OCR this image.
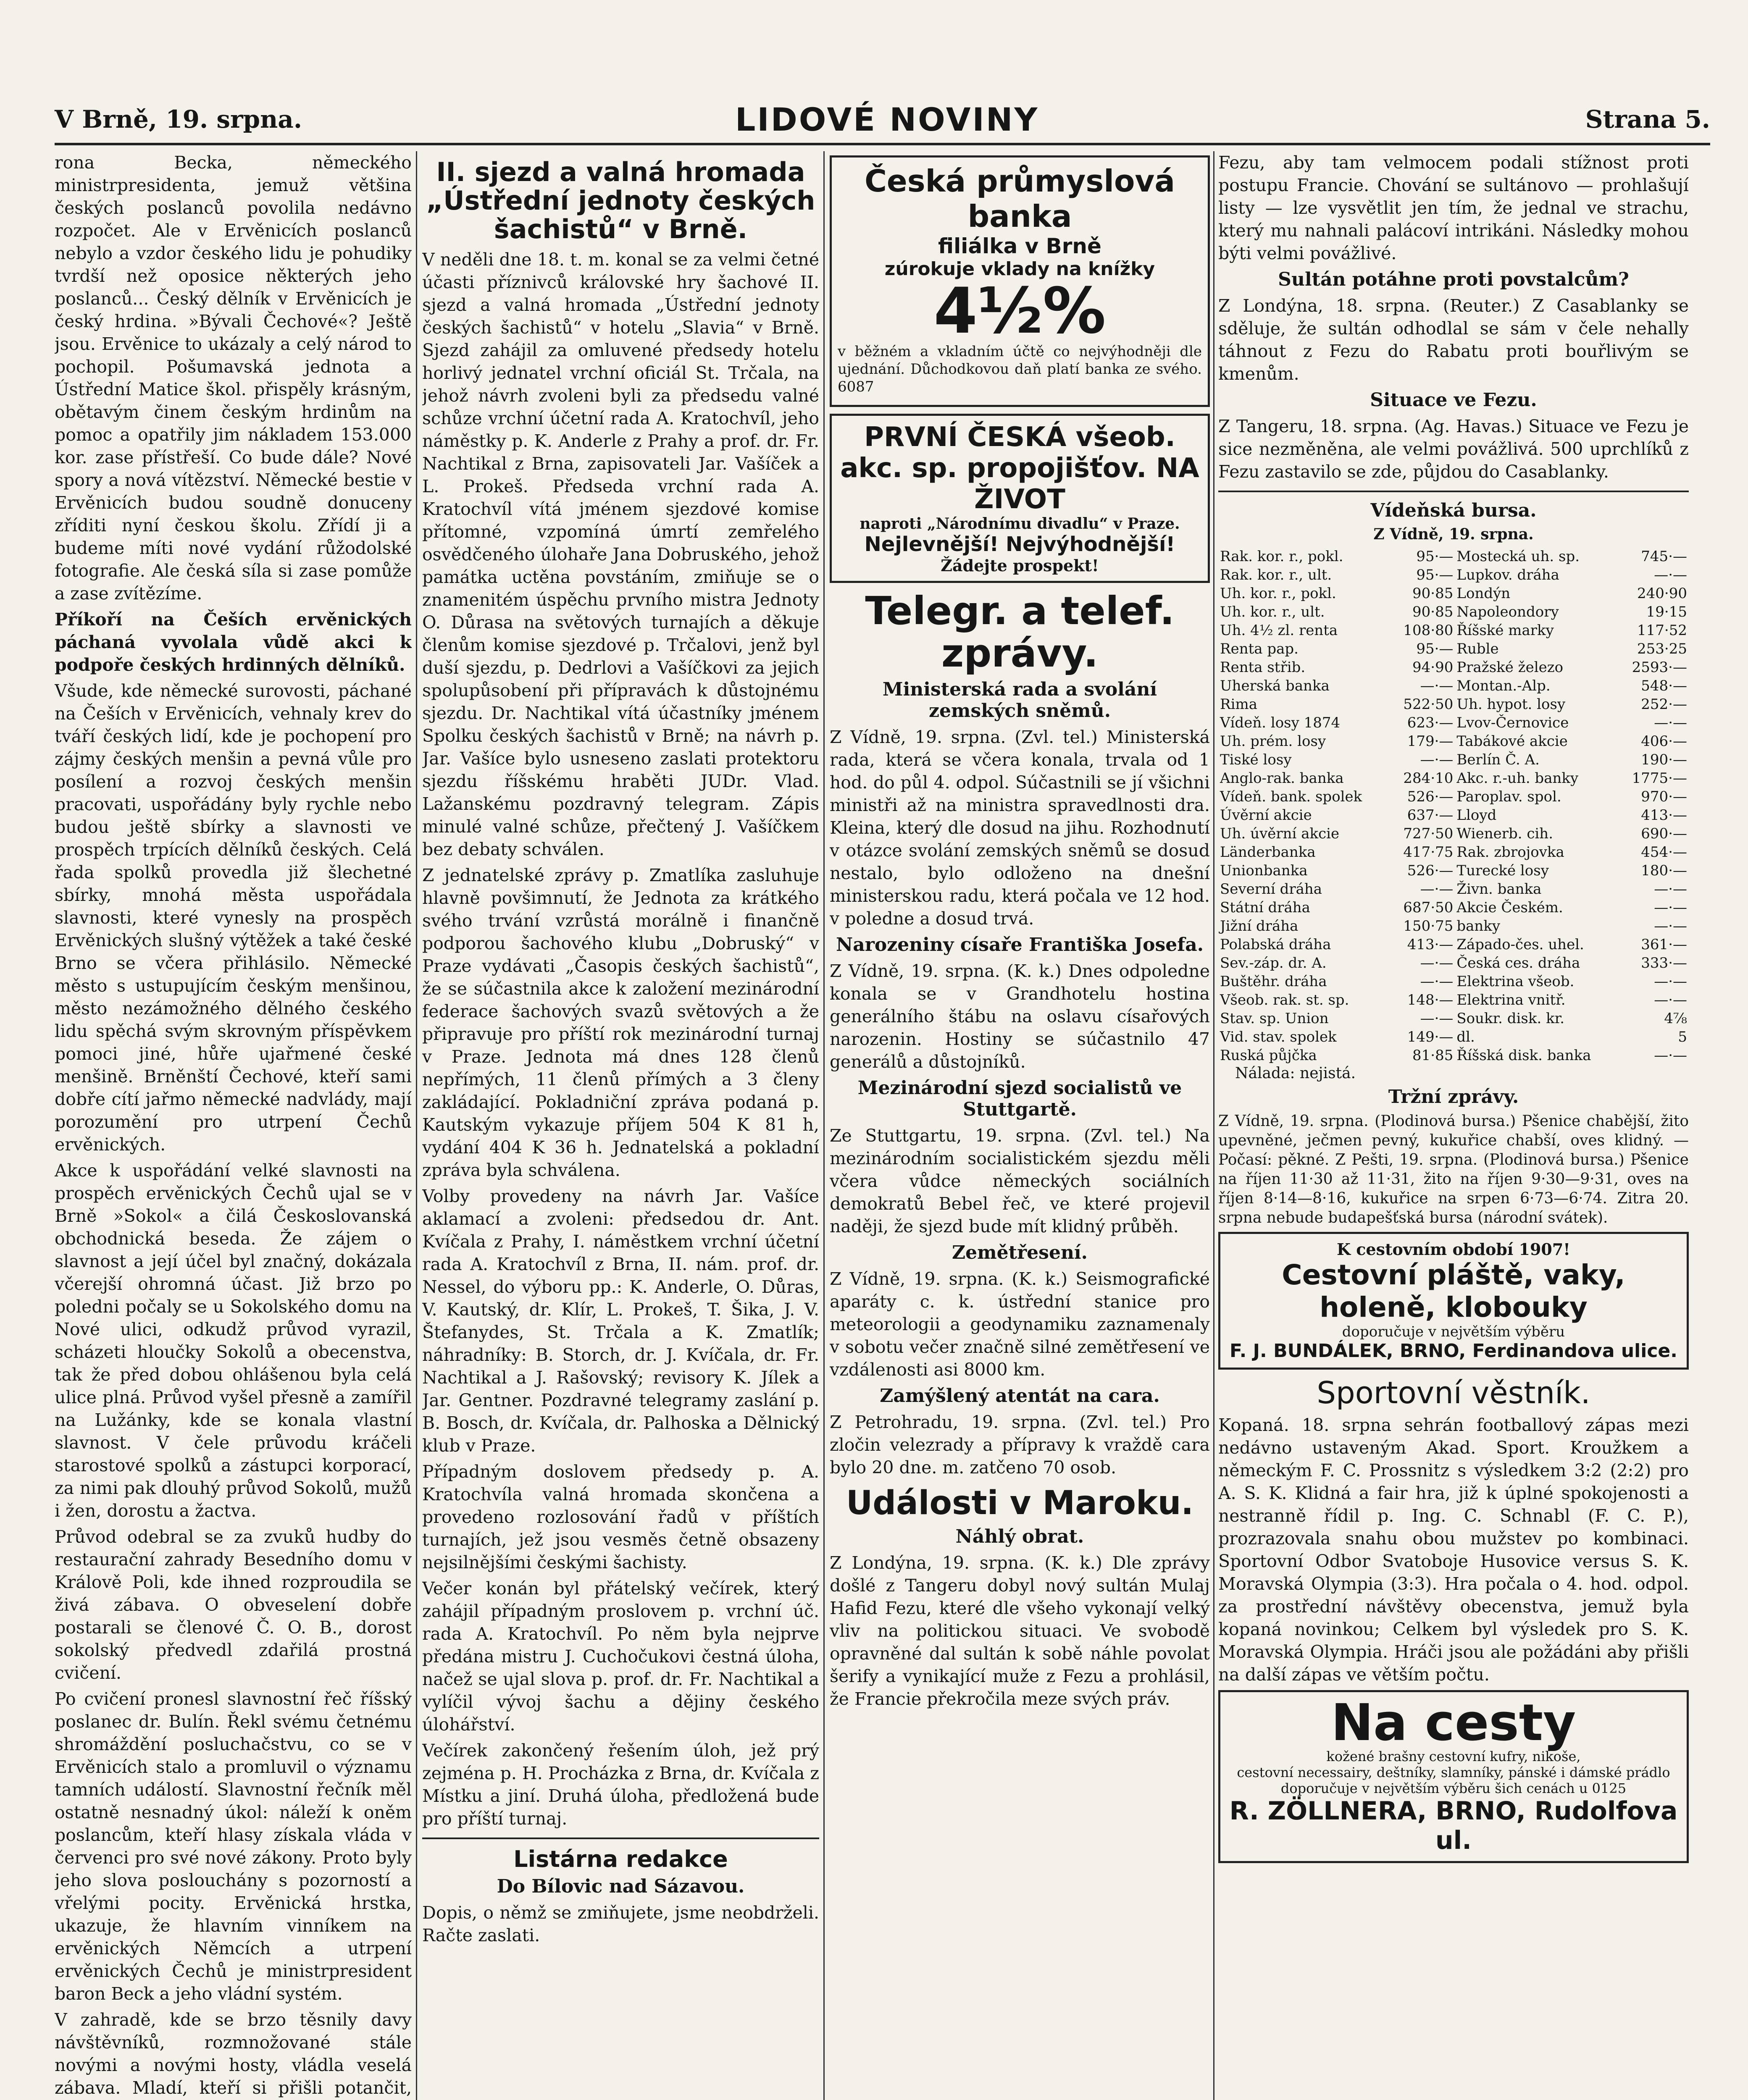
V Brně, 19. srpna.	LIDOVÉ NOVINY	Strana 5.

rona Becka, německého ministrpresidenta, jemuž většina českých poslanců povolila nedávno rozpočet. Ale v Ervěnicích poslanců nebylo a vzdor českého lidu je pohudiky tvrdší než oposice některých jeho poslanců... Český dělník v Ervěnicích je český hrdina. »Bývali Čechové«? Ještě jsou. Ervěnice to ukázaly a celý národ to pochopil. Pošumavská jednota a Ústřední Matice škol. přispěly krásným, obětavým činem českým hrdinům na pomoc a opatřily jim nákladem 153.000 kor. zase přístřeší. Co bude dále? Nové spory a nová vítězství. Německé bestie v Ervěnicích budou soudně donuceny zříditi nyní českou školu. Zřídí ji a budeme míti nové vydání růžodolské fotografie. Ale česká síla si zase pomůže a zase zvítězíme.

Příkoří na Češích ervěnických páchaná vyvolala vůdě akci k podpoře českých hrdinných dělníků.

Všude, kde německé surovosti, páchané na Češích v Ervěnicích, vehnaly krev do tváří českých lidí, kde je pochopení pro zájmy českých menšin a pevná vůle pro posílení a rozvoj českých menšin pracovati, uspořádány byly rychle nebo budou ještě sbírky a slavnosti ve prospěch trpících dělníků českých. Celá řada spolků provedla již šlechetné sbírky, mnohá města uspořádala slavnosti, které vynesly na prospěch Ervěnických slušný výtěžek a také české Brno se včera přihlásilo. Německé město s ustupujícím českým menšinou, město nezámožného dělného českého lidu spěchá svým skrovným příspěvkem pomoci jiné, hůře ujařmené české menšině. Brněnští Čechové, kteří sami dobře cítí jařmo německé nadvlády, mají porozumění pro utrpení Čechů ervěnických.

Akce k uspořádání velké slavnosti na prospěch ervěnických Čechů ujal se v Brně »Sokol« a čilá Českoslovanská obchodnická beseda. Že zájem o slavnost a její účel byl značný, dokázala včerejší ohromná účast. Již brzo po poledni počaly se u Sokolského domu na Nové ulici, odkudž průvod vyrazil, scházeti hloučky Sokolů a obecenstva, tak že před dobou ohlášenou byla celá ulice plná. Průvod vyšel přesně a zamířil na Lužánky, kde se konala vlastní slavnost. V čele průvodu kráčeli starostové spolků a zástupci korporací, za nimi pak dlouhý průvod Sokolů, mužů i žen, dorostu a žactva.

Průvod odebral se za zvuků hudby do restaurační zahrady Besedního domu v Králově Poli, kde ihned rozproudila se živá zábava. O obveselení dobře postarali se členové Č. O. B., dorost sokolský předvedl zdařilá prostná cvičení.

Po cvičení pronesl slavnostní řeč říšský poslanec dr. Bulín. Řekl svému četnému shromáždění posluchačstvu, co se v Ervěnicích stalo a promluvil o významu tamních událostí. Slavnostní řečník měl ostatně nesnadný úkol: náleží k oněm poslancům, kteří hlasy získala vláda v červenci pro své nové zákony. Proto byly jeho slova poslouchány s pozorností a vřelými pocity. Ervěnická hrstka, ukazuje, že hlavním vinníkem na ervěnických Němcích a utrpení ervěnických Čechů je ministrpresident baron Beck a jeho vládní systém.

V zahradě, kde se brzo těsnily davy návštěvníků, rozmnožované stále novými a novými hosty, vládla veselá zábava. Mladí, kteří si přišli potančit,

II. sjezd a valná hromada „Ústřední jednoty českých šachistů“ v Brně.

V neděli dne 18. t. m. konal se za velmi četné účasti příznivců královské hry šachové II. sjezd a valná hromada „Ústřední jednoty českých šachistů“ v hotelu „Slavia“ v Brně. Sjezd zahájil za omluvené předsedy hotelu horlivý jednatel vrchní oficiál St. Trčala, na jehož návrh zvoleni byli za předsedu valné schůze vrchní účetní rada A. Kratochvíl, jeho náměstky p. K. Anderle z Prahy a prof. dr. Fr. Nachtikal z Brna, zapisovateli Jar. Vašíček a L. Prokeš. Předseda vrchní rada A. Kratochvíl vítá jménem sjezdové komise přítomné, vzpomíná úmrtí zemřelého osvědčeného úlohaře Jana Dobruského, jehož památka uctěna povstáním, zmiňuje se o znamenitém úspěchu prvního mistra Jednoty O. Důrasa na světových turnajích a děkuje členům komise sjezdové p. Trčalovi, jenž byl duší sjezdu, p. Dedrlovi a Vašíčkovi za jejich spolupůsobení při přípravách k důstojnému sjezdu. Dr. Nachtikal vítá účastníky jménem Spolku českých šachistů v Brně; na návrh p. Jar. Vašíce bylo usneseno zaslati protektoru sjezdu říšskému hraběti JUDr. Vlad. Lažanskému pozdravný telegram. Zápis minulé valné schůze, přečtený J. Vašíčkem bez debaty schválen.

Z jednatelské zprávy p. Zmatlíka zasluhuje hlavně povšimnutí, že Jednota za krátkého svého trvání vzrůstá morálně i finančně podporou šachového klubu „Dobruský“ v Praze vydávati „Časopis českých šachistů“, že se súčastnila akce k založení mezinárodní federace šachových svazů světových a že připravuje pro příští rok mezinárodní turnaj v Praze. Jednota má dnes 128 členů nepřímých, 11 členů přímých a 3 členy zakládající. Pokladniční zpráva podaná p. Kautským vykazuje příjem 504 K 81 h, vydání 404 K 36 h. Jednatelská a pokladní zpráva byla schválena.

Volby provedeny na návrh Jar. Vašíce aklamací a zvoleni: předsedou dr. Ant. Kvíčala z Prahy, I. náměstkem vrchní účetní rada A. Kratochvíl z Brna, II. nám. prof. dr. Nessel, do výboru pp.: K. Anderle, O. Důras, V. Kautský, dr. Klír, L. Prokeš, T. Šika, J. V. Štefanydes, St. Trčala a K. Zmatlík; náhradníky: B. Storch, dr. J. Kvíčala, dr. Fr. Nachtikal a J. Rašovský; revisory K. Jílek a Jar. Gentner. Pozdravné telegramy zaslání p. B. Bosch, dr. Kvíčala, dr. Palhoska a Dělnický klub v Praze.

Případným doslovem předsedy p. A. Kratochvíla valná hromada skončena a provedeno rozlosování řadů v příštích turnajích, jež jsou vesměs četně obsazeny nejsilnějšími českými šachisty.

Večer konán byl přátelský večírek, který zahájil případným proslovem p. vrchní úč. rada A. Kratochvíl. Po něm byla nejprve předána mistru J. Cuchočukovi čestná úloha, načež se ujal slova p. prof. dr. Fr. Nachtikal a vylíčil vývoj šachu a dějiny českého úlohářství.

Večírek zakončený řešením úloh, jež prý zejména p. H. Procházka z Brna, dr. Kvíčala z Místku a jiní. Druhá úloha, předložená bude pro příští turnaj.

Listárna redakce
Do Bílovic nad Sázavou.

Dopis, o němž se zmiňujete, jsme neobdrželi. Račte zaslati.

Česká průmyslová banka
filiálka v Brně
zúrokuje vklady na knížky
4½%

v běžném a vkladním účtě co nejvýhodněji dle ujednání. Důchodkovou daň platí banka ze svého. 6087

PRVNÍ ČESKÁ všeob. akc. sp. propojišťov. NA ŽIVOT
naproti „Národnímu divadlu“ v Praze.
Nejlevnější! Nejvýhodnější!
Žádejte prospekt!
Telegr. a telef. zprávy.
Ministerská rada a svolání zemských sněmů.

Z Vídně, 19. srpna. (Zvl. tel.) Ministerská rada, která se včera konala, trvala od 1 hod. do půl 4. odpol. Súčastnili se jí všichni ministři až na ministra spravedlnosti dra. Kleina, který dle dosud na jihu. Rozhodnutí v otázce svolání zemských sněmů se dosud nestalo, bylo odloženo na dnešní ministerskou radu, která počala ve 12 hod. v poledne a dosud trvá.

Narozeniny císaře Františka Josefa.

Z Vídně, 19. srpna. (K. k.) Dnes odpoledne konala se v Grandhotelu hostina generálního štábu na oslavu císařových narozenin. Hostiny se súčastnilo 47 generálů a důstojníků.

Mezinárodní sjezd socialistů ve Stuttgartě.

Ze Stuttgartu, 19. srpna. (Zvl. tel.) Na mezinárodním socialistickém sjezdu měli včera vůdce německých sociálních demokratů Bebel řeč, ve které projevil naději, že sjezd bude mít klidný průběh.

Zemětřesení.

Z Vídně, 19. srpna. (K. k.) Seismografické aparáty c. k. ústřední stanice pro meteorologii a geodynamiku zaznamenaly v sobotu večer značně silné zemětřesení ve vzdálenosti asi 8000 km.

Zamýšlený atentát na cara.

Z Petrohradu, 19. srpna. (Zvl. tel.) Pro zločin velezrady a přípravy k vraždě cara bylo 20 dne. m. zatčeno 70 osob.

Události v Maroku.
Náhlý obrat.

Z Londýna, 19. srpna. (K. k.) Dle zprávy došlé z Tangeru dobyl nový sultán Mulaj Hafid Fezu, které dle všeho vykonají velký vliv na politickou situaci. Ve svobodě opravněné dal sultán k sobě náhle povolat šerify a vynikající muže z Fezu a prohlásil, že Francie překročila meze svých práv.

Fezu, aby tam velmocem podali stížnost proti postupu Francie. Chování se sultánovo — prohlašují listy — lze vysvětlit jen tím, že jednal ve strachu, který mu nahnali palácoví intrikáni. Následky mohou býti velmi povážlivé.

Sultán potáhne proti povstalcům?

Z Londýna, 18. srpna. (Reuter.) Z Casablanky se sděluje, že sultán odhodlal se sám v čele nehally táhnout z Fezu do Rabatu proti bouřlivým se kmenům.

Situace ve Fezu.

Z Tangeru, 18. srpna. (Ag. Havas.) Situace ve Fezu je sice nezměněna, ale velmi povážlivá. 500 uprchlíků z Fezu zastavilo se zde, půjdou do Casablanky.

Vídeňská bursa.
Z Vídně, 19. srpna.
Rak. kor. r., pokl.	95·—	Mostecká uh. sp.	745·—
Rak. kor. r., ult.	95·—	Lupkov. dráha	—·—
Uh. kor. r., pokl.	90·85	Londýn	240·90
Uh. kor. r., ult.	90·85	Napoleondory	19·15
Uh. 4½ zl. renta	108·80	Říšské marky	117·52
Renta pap.	95·—	Ruble	253·25
Renta střib.	94·90	Pražské železo	2593·—
Uherská banka	—·—	Montan.-Alp.	548·—
Rima	522·50	Uh. hypot. losy	252·—
Vídeň. losy 1874	623·—	Lvov-Černovice	—·—
Uh. prém. losy	179·—	Tabákové akcie	406·—
Tiské losy	—·—	Berlín Č. A.	190·—
Anglo-rak. banka	284·10	Akc. r.-uh. banky	1775·—
Vídeň. bank. spolek	526·—	Paroplav. spol.	970·—
Úvěrní akcie	637·—	Lloyd	413·—
Uh. úvěrní akcie	727·50	Wienerb. cih.	690·—
Länderbanka	417·75	Rak. zbrojovka	454·—
Unionbanka	526·—	Turecké losy	180·—
Severní dráha	—·—	Živn. banka	—·—
Státní dráha	687·50	Akcie Českém.	—·—
Jižní dráha	150·75	banky	—·—
Polabská dráha	413·—	Západo-čes. uhel.	361·—
Sev.-záp. dr. A.	—·—	Česká ces. dráha	333·—
Buštěhr. dráha	—·—	Elektrina všeob.	—·—
Všeob. rak. st. sp.	148·—	Elektrina vnitř.	—·—
Stav. sp. Union	—·—	Soukr. disk. kr.	4⅞
Vid. stav. spolek	149·—	dl.	5
Ruská půjčka	81·85	Říšská disk. banka	—·—
Nálada: nejistá.
Tržní zprávy.

Z Vídně, 19. srpna. (Plodinová bursa.) Pšenice chabější, žito upevněné, ječmen pevný, kukuřice chabší, oves klidný. — Počasí: pěkné. Z Pešti, 19. srpna. (Plodinová bursa.) Pšenice na říjen 11·30 až 11·31, žito na říjen 9·30—9·31, oves na říjen 8·14—8·16, kukuřice na srpen 6·73—6·74. Zitra 20. srpna nebude budapešťská bursa (národní svátek).

K cestovním období 1907!
Cestovní pláště, vaky, holeně, klobouky
doporučuje v největším výběru
F. J. BUNDÁLEK, BRNO, Ferdinandova ulice.
Sportovní věstník.

Kopaná. 18. srpna sehrán footballový zápas mezi nedávno ustaveným Akad. Sport. Kroužkem a německým F. C. Prossnitz s výsledkem 3:2 (2:2) pro A. S. K. Klidná a fair hra, již k úplné spokojenosti a nestranně řídil p. Ing. C. Schnabl (F. C. P.), prozrazovala snahu obou mužstev po kombinaci. Sportovní Odbor Svatoboje Husovice versus S. K. Moravská Olympia (3:3). Hra počala o 4. hod. odpol. za prostřední návštěvy obecenstva, jemuž byla kopaná novinkou; Celkem byl výsledek pro S. K. Moravská Olympia. Hráči jsou ale požádáni aby přišli na další zápas ve větším počtu.

Na cesty
kožené brašny cestovní kufry, nikoše,
cestovní necessairy, deštníky, slamníky, pánské i dámské prádlo doporučuje v největším výběru šich cenách u 0125
R. ZÖLLNERA, BRNO, Rudolfova ul.
